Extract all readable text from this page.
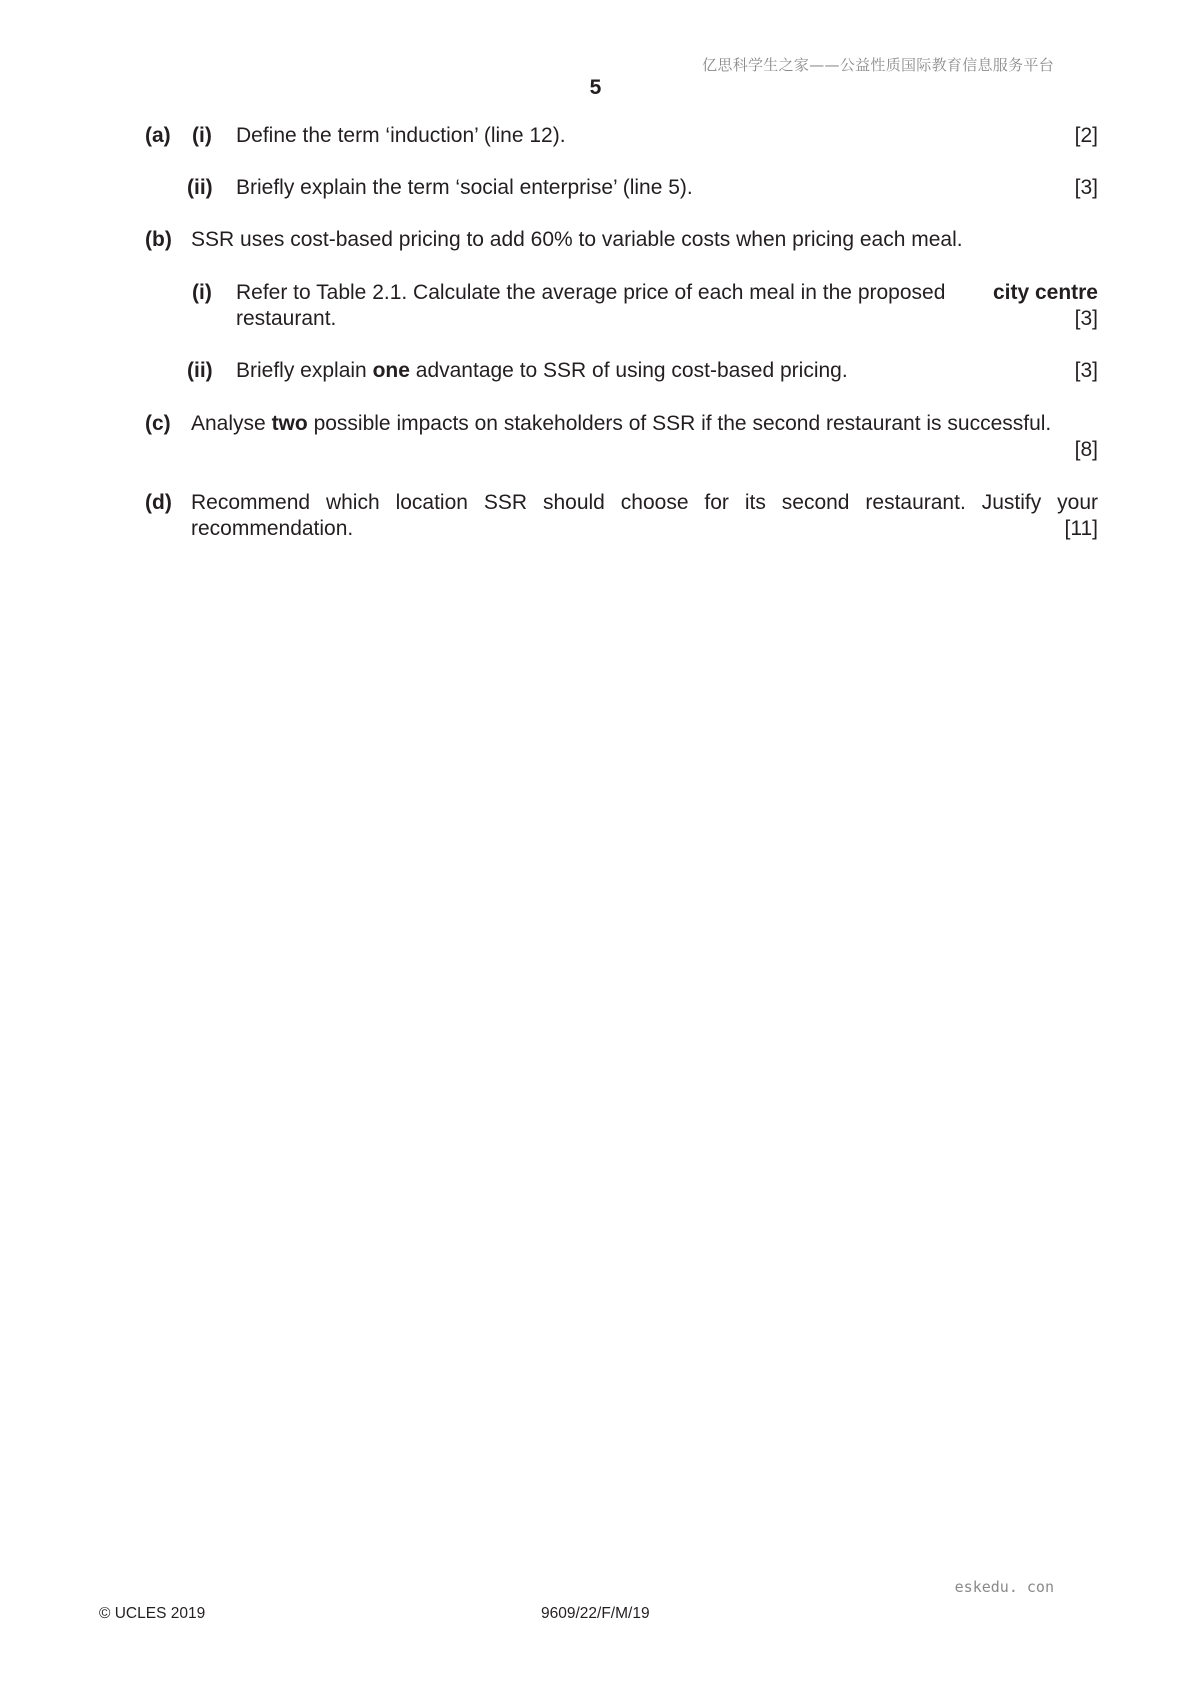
亿思科学生之家——公益性质国际教育信息服务平台
5
(a) (i) Define the term ‘induction’ (line 12).	[2]
(ii) Briefly explain the term ‘social enterprise’ (line 5).	[3]
(b) SSR uses cost-based pricing to add 60% to variable costs when pricing each meal.
(i) Refer to Table 2.1. Calculate the average price of each meal in the proposed city centre
restaurant.	[3]
(ii) Briefly explain one advantage to SSR of using cost-based pricing.	[3]
(c) Analyse two possible impacts on stakeholders of SSR if the second restaurant is successful.
[8]
(d) Recommend which location SSR should choose for its second restaurant. Justify your
recommendation.	[11]
eskedu. con
© UCLES 2019	9609/22/F/M/19
